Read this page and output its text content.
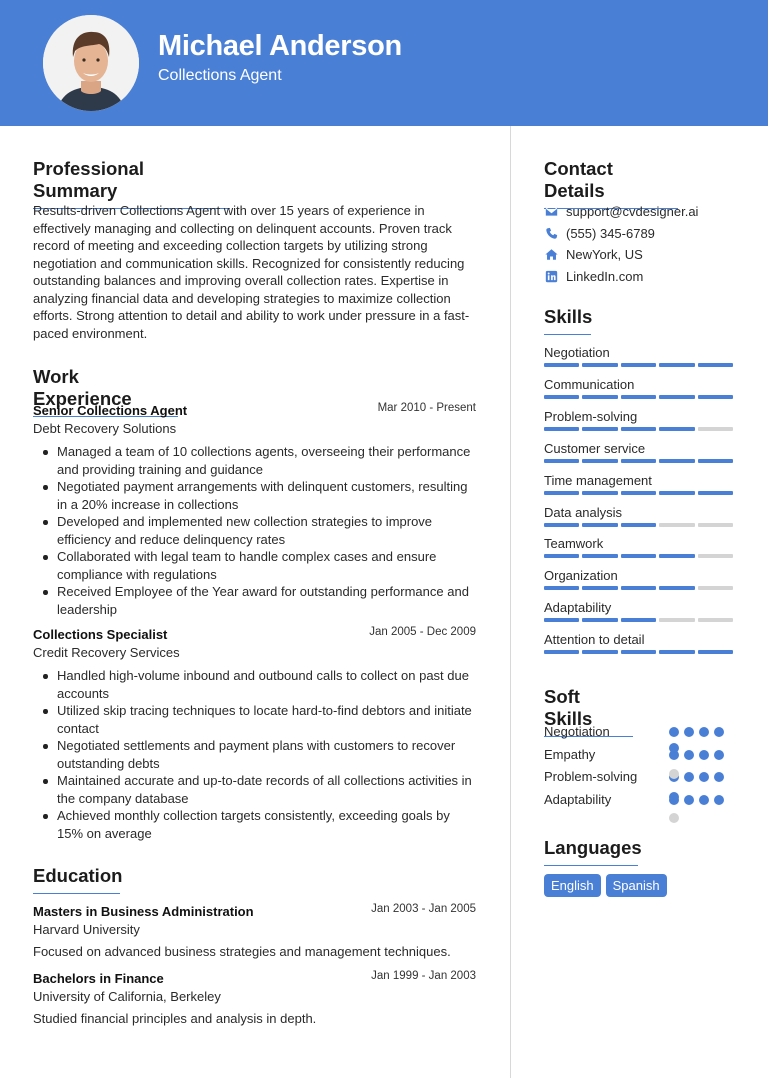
Michael Anderson
Collections Agent
Professional Summary
Results-driven Collections Agent with over 15 years of experience in effectively managing and collecting on delinquent accounts. Proven track record of meeting and exceeding collection targets by utilizing strong negotiation and communication skills. Recognized for consistently reducing outstanding balances and improving overall collection rates. Expertise in analyzing financial data and developing strategies to maximize collection efforts. Strong attention to detail and ability to work under pressure in a fast-paced environment.
Work Experience
Senior Collections Agent	Mar 2010 - Present
Debt Recovery Solutions
Managed a team of 10 collections agents, overseeing their performance and providing training and guidance
Negotiated payment arrangements with delinquent customers, resulting in a 20% increase in collections
Developed and implemented new collection strategies to improve efficiency and reduce delinquency rates
Collaborated with legal team to handle complex cases and ensure compliance with regulations
Received Employee of the Year award for outstanding performance and leadership
Collections Specialist	Jan 2005 - Dec 2009
Credit Recovery Services
Handled high-volume inbound and outbound calls to collect on past due accounts
Utilized skip tracing techniques to locate hard-to-find debtors and initiate contact
Negotiated settlements and payment plans with customers to recover outstanding debts
Maintained accurate and up-to-date records of all collections activities in the company database
Achieved monthly collection targets consistently, exceeding goals by 15% on average
Education
Masters in Business Administration	Jan 2003 - Jan 2005
Harvard University
Focused on advanced business strategies and management techniques.
Bachelors in Finance	Jan 1999 - Jan 2003
University of California, Berkeley
Studied financial principles and analysis in depth.
Contact Details
support@cvdesigner.ai
(555) 345-6789
NewYork, US
LinkedIn.com
Skills
Negotiation
Communication
Problem-solving
Customer service
Time management
Data analysis
Teamwork
Organization
Adaptability
Attention to detail
Soft Skills
Negotiation
Empathy
Problem-solving
Adaptability
Languages
English	Spanish
